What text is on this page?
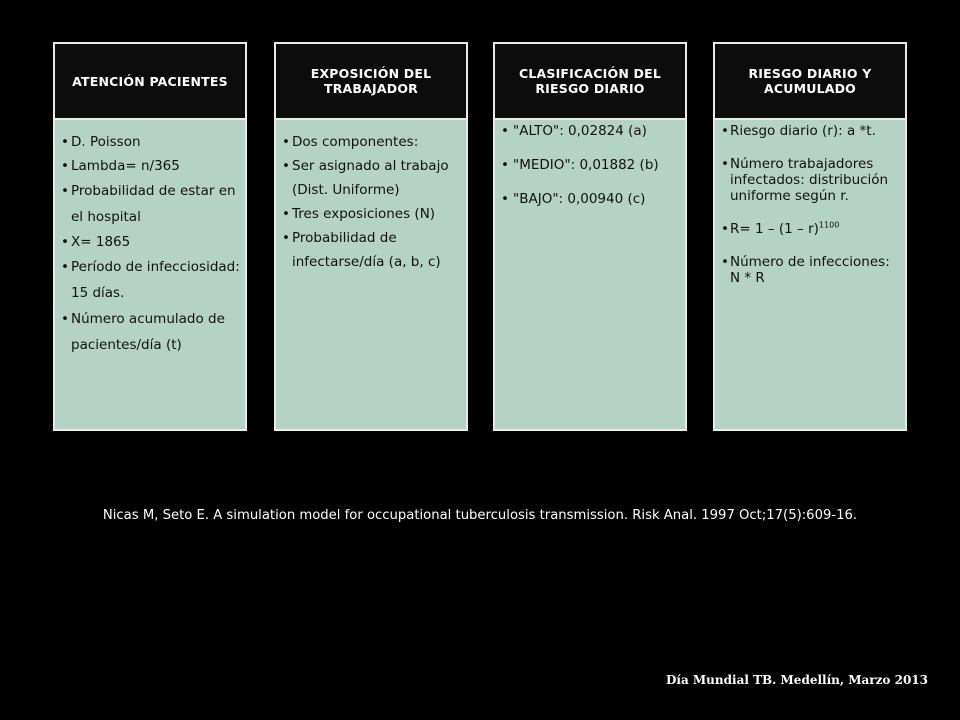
ATENCIÓN PACIENTES
• D. Poisson
• Lambda= n/365
• Probabilidad de estar en el hospital
• X= 1865
• Período de infecciosidad: 15 días.
• Número acumulado de pacientes/día (t)
EXPOSICIÓN DEL TRABAJADOR
• Dos componentes:
• Ser asignado al trabajo (Dist. Uniforme)
• Tres exposiciones (N)
• Probabilidad de infectarse/día (a, b, c)
CLASIFICACIÓN DEL RIESGO DIARIO
• "ALTO": 0,02824 (a)
• "MEDIO": 0,01882 (b)
• "BAJO": 0,00940 (c)
RIESGO DIARIO Y ACUMULADO
•Riesgo diario (r): a *t.
•Número trabajadores infectados: distribución uniforme según r.
•R= 1 – (1 – r)$^{1100}$
•Número de infecciones: N * R
Nicas M, Seto E. A simulation model for occupational tuberculosis transmission. Risk Anal. 1997 Oct;17(5):609-16.
Día Mundial TB. Medellín, Marzo 2013
